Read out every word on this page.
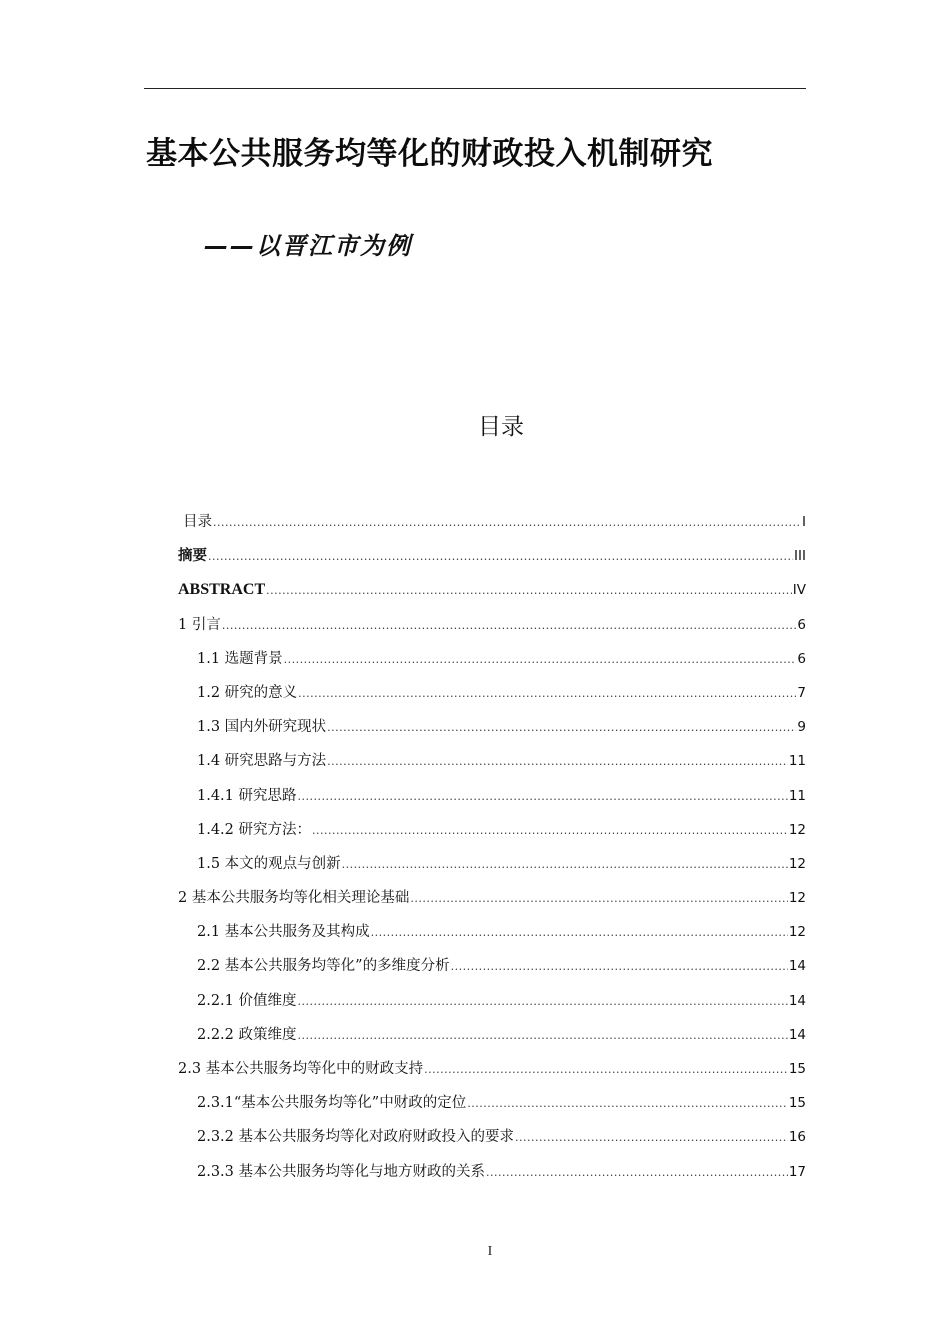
基本公共服务均等化的财政投入机制研究
——以晋江市为例
目录
目录 .....	I
摘要 .....	III
ABSTRACT .....	IV
1 引言 .....	6
1.1 选题背景 .....	6
1.2 研究的意义 .....	7
1.3 国内外研究现状 .....	9
1.4 研究思路与方法 .....	11
1.4.1 研究思路 .....	11
1.4.2 研究方法： .....	12
1.5 本文的观点与创新 .....	12
2 基本公共服务均等化相关理论基础 .....	12
2.1 基本公共服务及其构成 .....	12
2.2 基本公共服务均等化”的多维度分析 .....	14
2.2.1 价值维度 .....	14
2.2.2 政策维度 .....	14
2.3 基本公共服务均等化中的财政支持 .....	15
2.3.1“基本公共服务均等化”中财政的定位 .....	15
2.3.2 基本公共服务均等化对政府财政投入的要求 .....	16
2.3.3 基本公共服务均等化与地方财政的关系 .....	17
I
